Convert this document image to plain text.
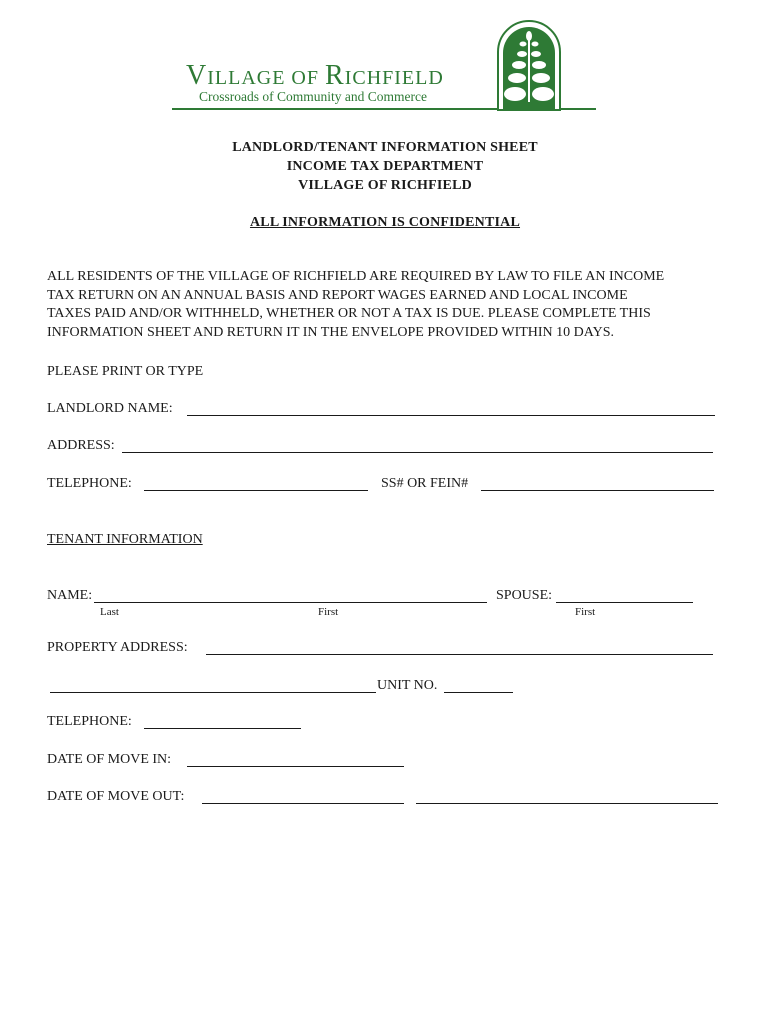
VILLAGE OF RICHFIELD
Crossroads of Community and Commerce
LANDLORD/TENANT INFORMATION SHEET
INCOME TAX DEPARTMENT
VILLAGE OF RICHFIELD
ALL INFORMATION IS CONFIDENTIAL
ALL RESIDENTS OF THE VILLAGE OF RICHFIELD ARE REQUIRED BY LAW TO FILE AN INCOME
TAX RETURN ON AN ANNUAL BASIS AND REPORT WAGES EARNED AND LOCAL INCOME
TAXES PAID AND/OR WITHHELD, WHETHER OR NOT A TAX IS DUE. PLEASE COMPLETE THIS
INFORMATION SHEET AND RETURN IT IN THE ENVELOPE PROVIDED WITHIN 10 DAYS.
PLEASE PRINT OR TYPE
LANDLORD NAME:
ADDRESS:
TELEPHONE:	SS# OR FEIN#
TENANT INFORMATION
NAME:	SPOUSE:
Last	First	First
PROPERTY ADDRESS:
UNIT NO.
TELEPHONE:
DATE OF MOVE IN:
DATE OF MOVE OUT:
